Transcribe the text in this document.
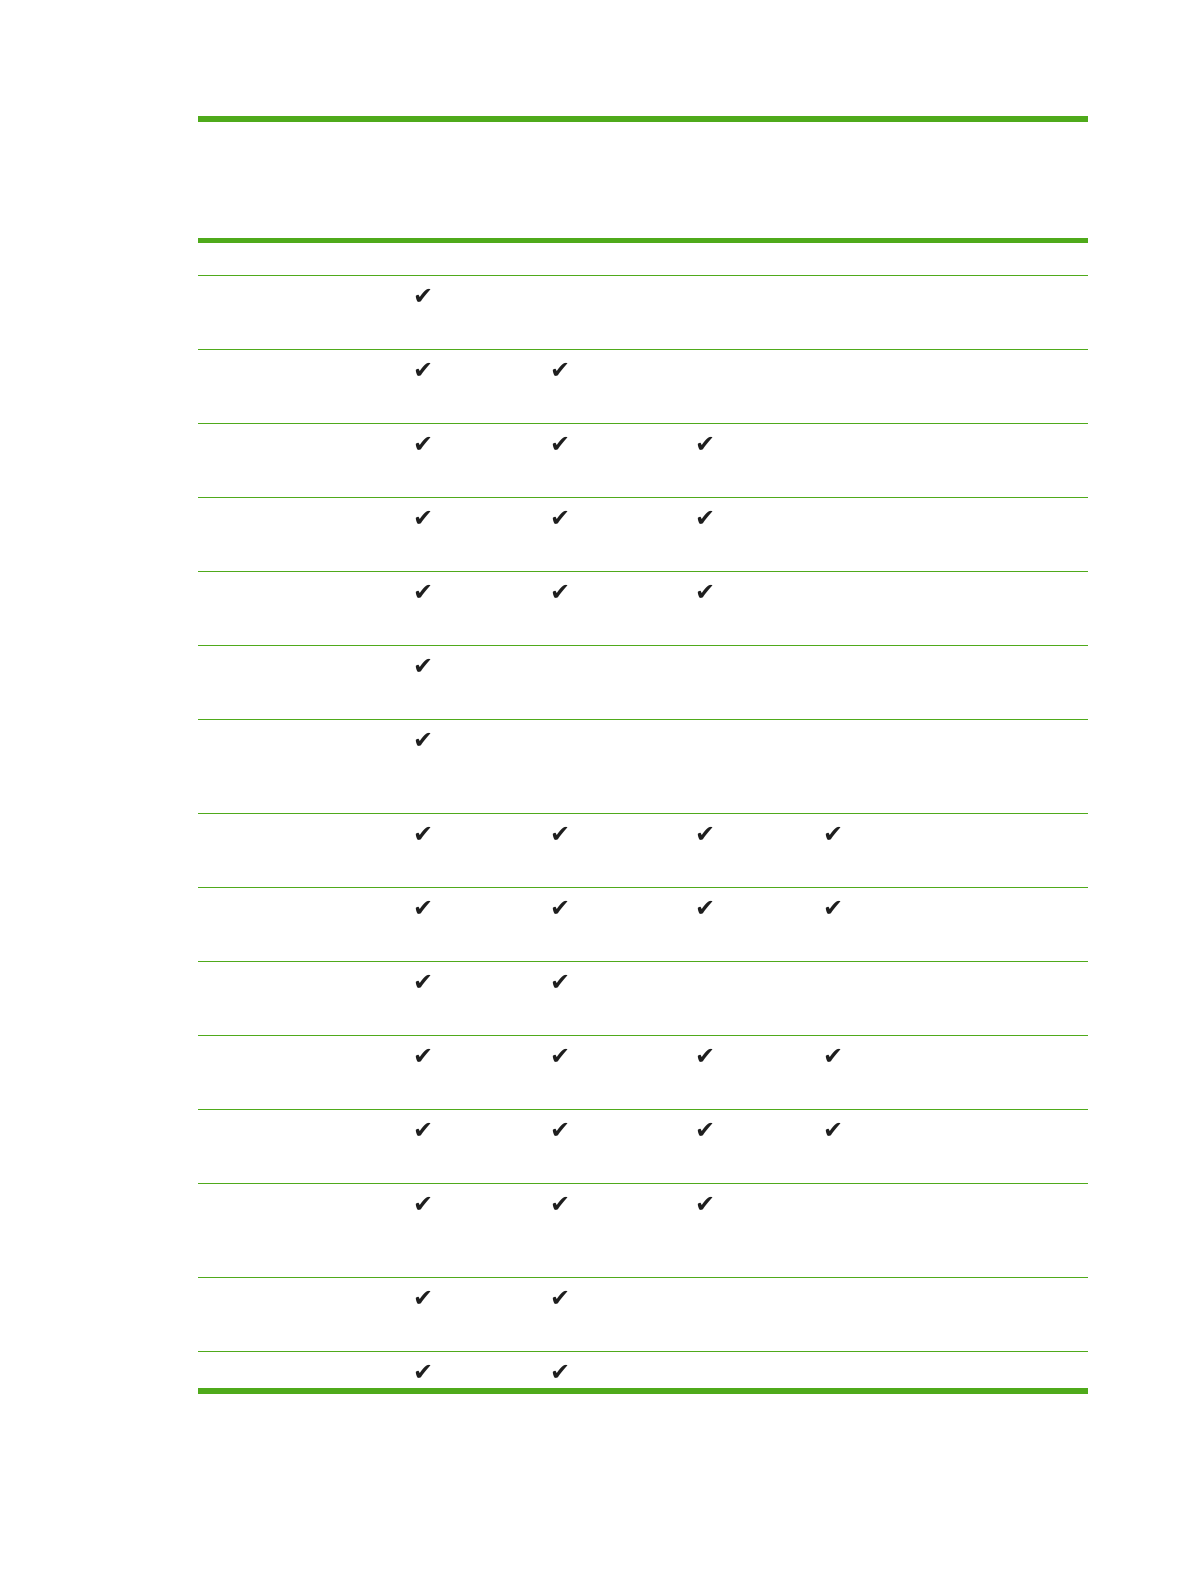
✔
✔	✔
✔	✔	✔
✔	✔	✔
✔	✔	✔
✔
✔
✔	✔	✔	✔
✔	✔	✔	✔
✔	✔
✔	✔	✔	✔
✔	✔	✔	✔
✔	✔	✔
✔	✔
✔	✔
